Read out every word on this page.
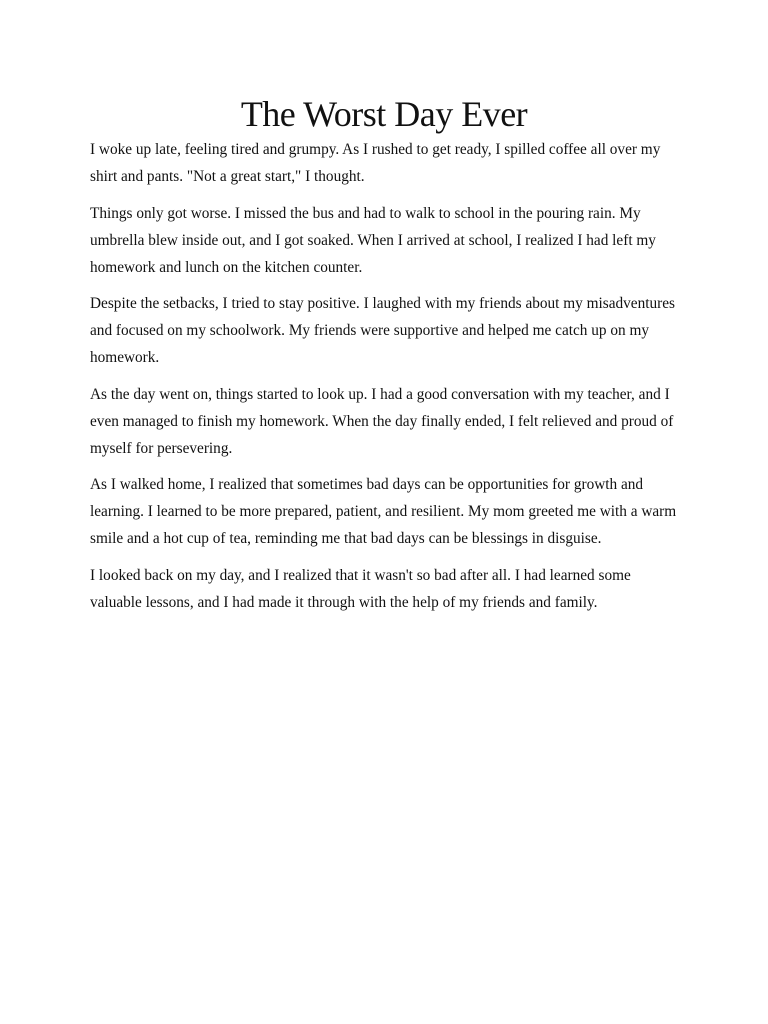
The Worst Day Ever

I woke up late, feeling tired and grumpy. As I rushed to get ready, I spilled coffee all over my shirt and pants. "Not a great start," I thought.

Things only got worse. I missed the bus and had to walk to school in the pouring rain. My umbrella blew inside out, and I got soaked. When I arrived at school, I realized I had left my homework and lunch on the kitchen counter.

Despite the setbacks, I tried to stay positive. I laughed with my friends about my misadventures and focused on my schoolwork. My friends were supportive and helped me catch up on my homework.

As the day went on, things started to look up. I had a good conversation with my teacher, and I even managed to finish my homework. When the day finally ended, I felt relieved and proud of myself for persevering.

As I walked home, I realized that sometimes bad days can be opportunities for growth and learning. I learned to be more prepared, patient, and resilient. My mom greeted me with a warm smile and a hot cup of tea, reminding me that bad days can be blessings in disguise.

I looked back on my day, and I realized that it wasn't so bad after all. I had learned some valuable lessons, and I had made it through with the help of my friends and family.
